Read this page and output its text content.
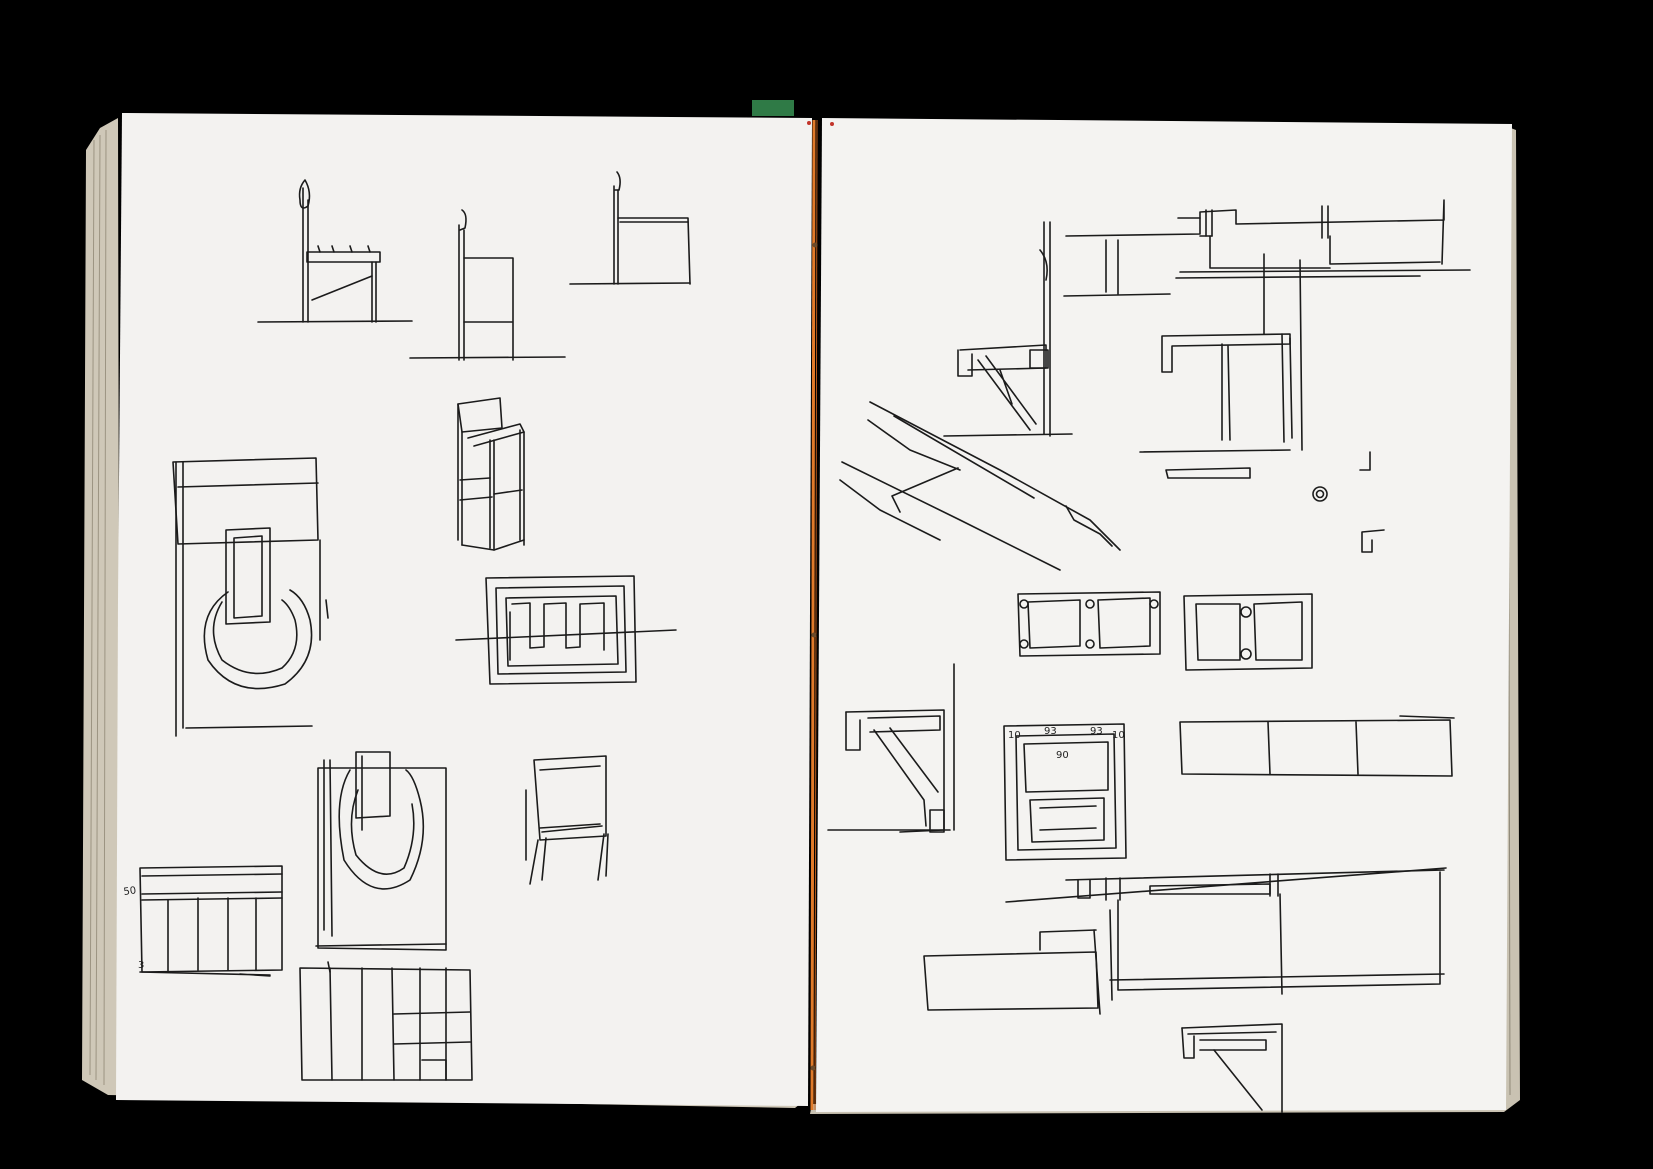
50
3
10 93	93 10
90
